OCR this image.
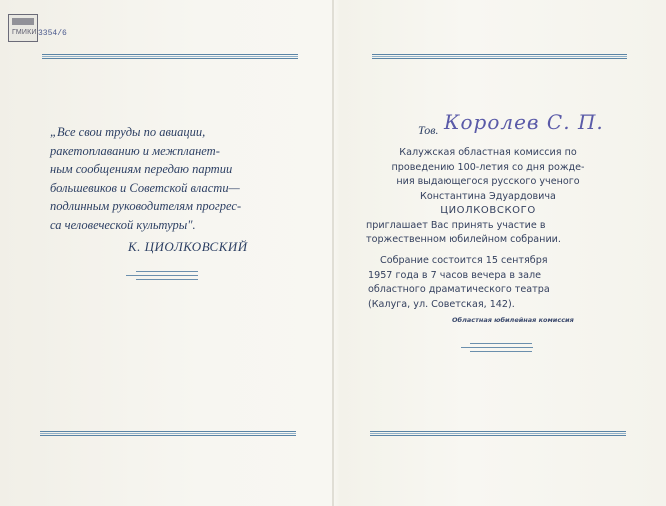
ГМИКИ 3354/6
„Все свои труды по авиации,
ракетоплаванию и межпланет-
ным сообщениям передаю партии
большевиков и Советской власти—
подлинным руководителям прогрес-
са человеческой культуры".
К. ЦИОЛКОВСКИЙ
Тов. Королев С. П.
Калужская областная комиссия по
проведению 100-летия со дня рожде-
ния выдающегося русского ученого
Константина Эдуардовича
ЦИОЛКОВСКОГО
приглашает Вас принять участие в
торжественном юбилейном собрании.
Собрание состоится 15 сентября
1957 года в 7 часов вечера в зале
областного драматического театра
(Калуга, ул. Советская, 142).
Областная юбилейная комиссия
